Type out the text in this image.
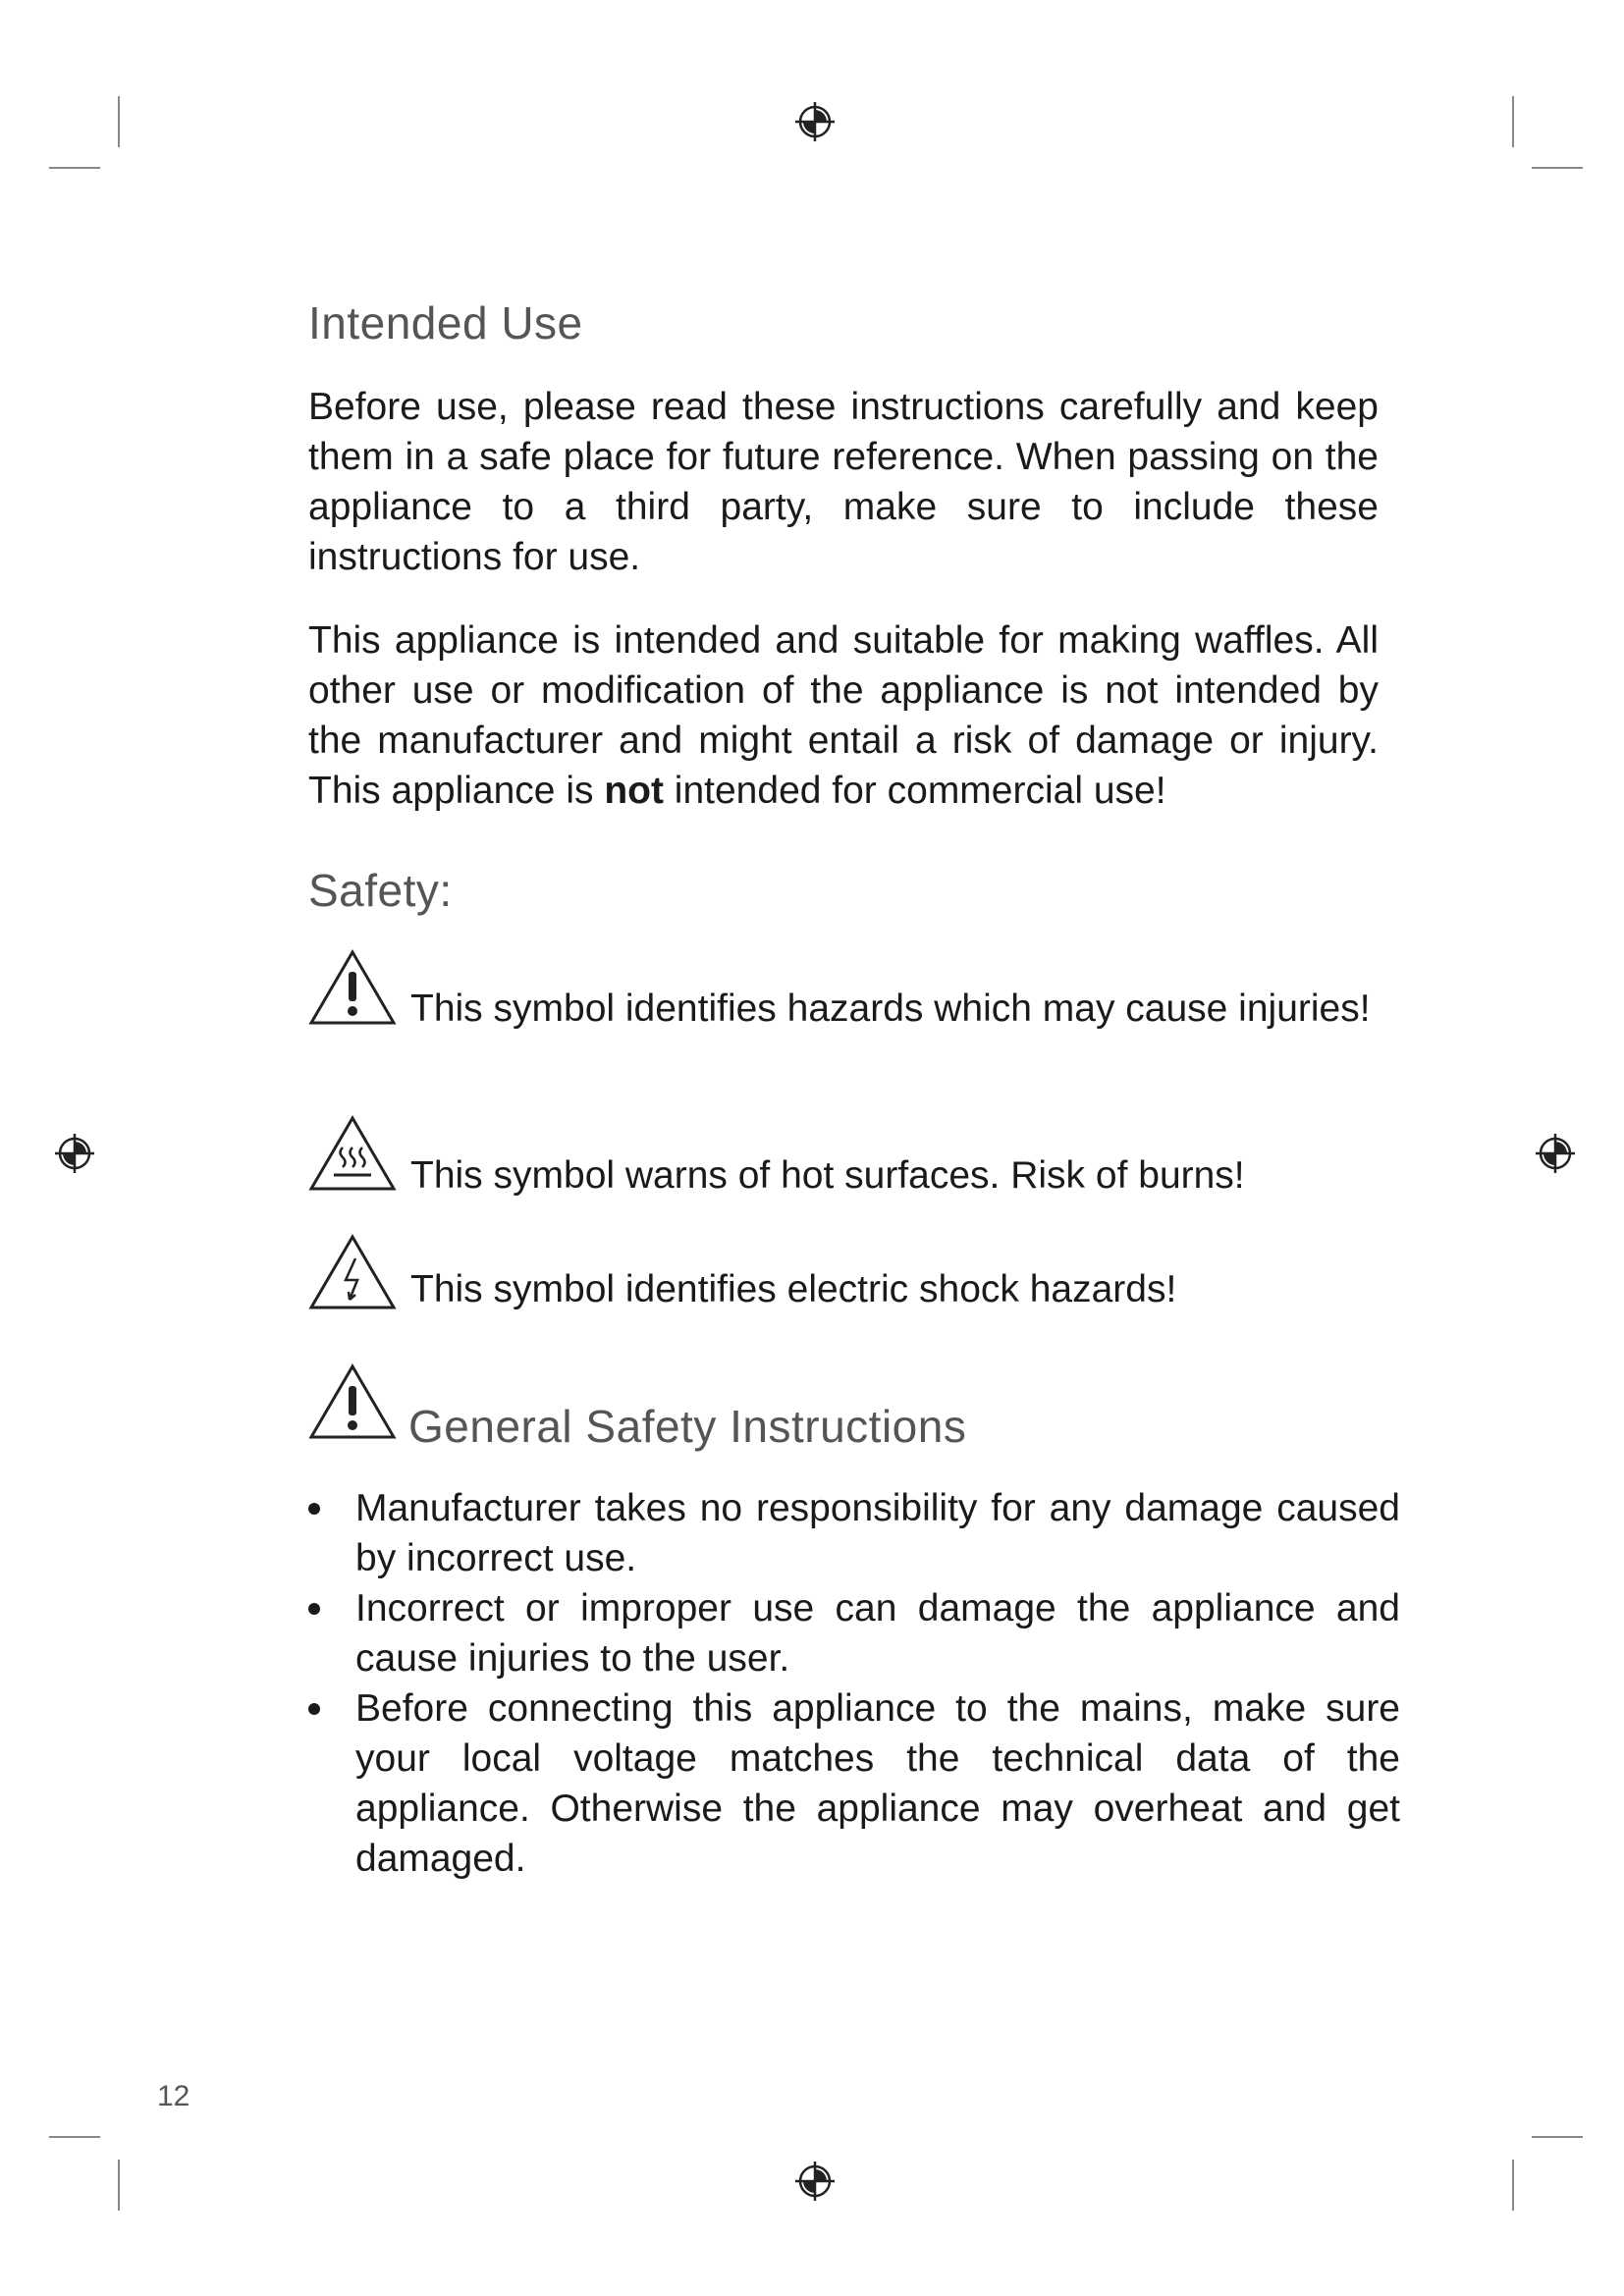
Intended Use

Before use, please read these instructions carefully and keep them in a safe place for future reference. When passing on the appliance to a third party, make sure to include these instructions for use.

This appliance is intended and suitable for making waffles. All other use or modification of the appliance is not intended by the manufacturer and might entail a risk of damage or injury. This appliance is not intended for commercial use!

Safety:

This symbol identifies hazards which may cause injuries!

This symbol warns of hot surfaces. Risk of burns!

This symbol identifies electric shock hazards!

General Safety Instructions
Manufacturer takes no responsibility for any damage caused by incorrect use.
Incorrect or improper use can damage the appliance and cause injuries to the user.
Before connecting this appliance to the mains, make sure your local voltage matches the technical data of the appliance. Otherwise the appliance may overheat and get damaged.
12
